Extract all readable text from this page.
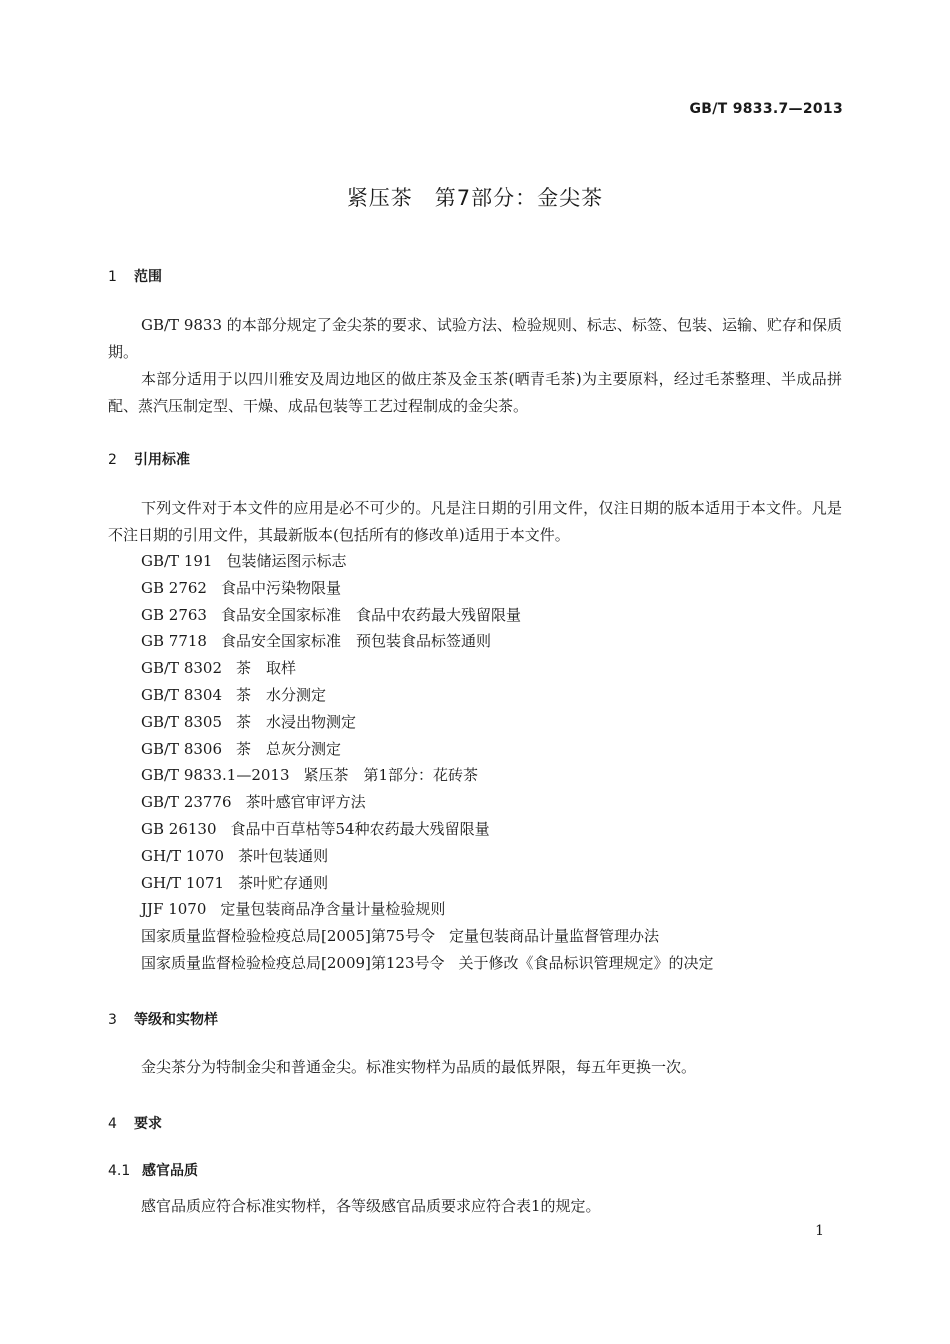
GB/T 9833.7—2013
紧压茶　第7部分：金尖茶
1 范围

GB/T 9833 的本部分规定了金尖茶的要求、试验方法、检验规则、标志、标签、包装、运输、贮存和保质期。

本部分适用于以四川雅安及周边地区的做庄茶及金玉茶(晒青毛茶)为主要原料，经过毛茶整理、半成品拼配、蒸汽压制定型、干燥、成品包装等工艺过程制成的金尖茶。

2 引用标准

下列文件对于本文件的应用是必不可少的。凡是注日期的引用文件，仅注日期的版本适用于本文件。凡是不注日期的引用文件，其最新版本(包括所有的修改单)适用于本文件。

GB/T 191 包装储运图示标志
GB 2762 食品中污染物限量
GB 2763 食品安全国家标准　食品中农药最大残留限量
GB 7718 食品安全国家标准　预包装食品标签通则
GB/T 8302 茶　取样
GB/T 8304 茶　水分测定
GB/T 8305 茶　水浸出物测定
GB/T 8306 茶　总灰分测定
GB/T 9833.1—2013 紧压茶　第1部分：花砖茶
GB/T 23776 茶叶感官审评方法
GB 26130 食品中百草枯等54种农药最大残留限量
GH/T 1070 茶叶包装通则
GH/T 1071 茶叶贮存通则
JJF 1070 定量包装商品净含量计量检验规则
国家质量监督检验检疫总局[2005]第75号令 定量包装商品计量监督管理办法
国家质量监督检验检疫总局[2009]第123号令 关于修改《食品标识管理规定》的决定
3 等级和实物样

金尖茶分为特制金尖和普通金尖。标准实物样为品质的最低界限，每五年更换一次。

4 要求
4.1 感官品质

感官品质应符合标准实物样，各等级感官品质要求应符合表1的规定。

1
